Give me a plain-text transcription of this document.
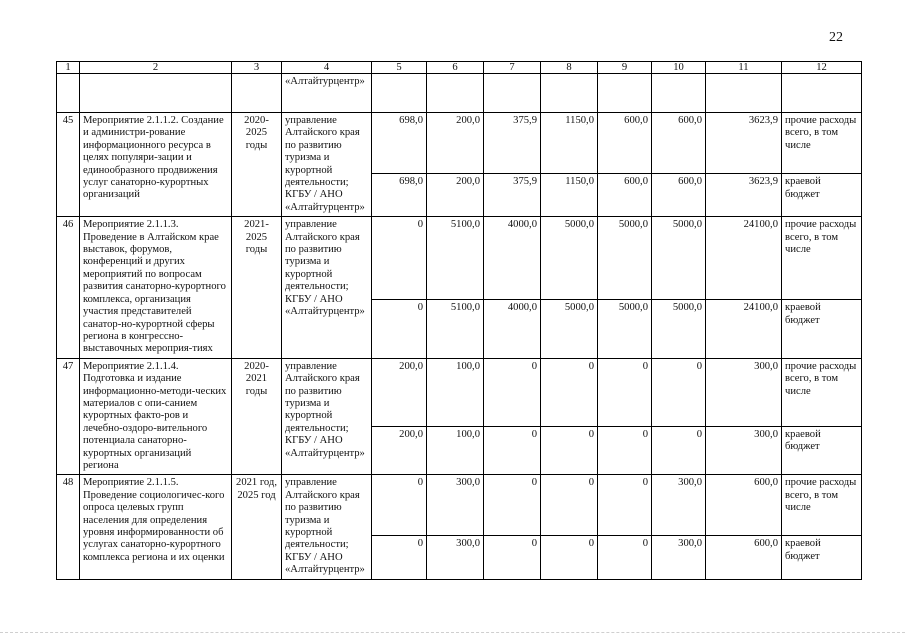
22
1	2	3	4	5	6	7	8	9	10	11	12
			«Алтайтурцентр»								
45	Мероприятие 2.1.1.2. Создание и администри-рование информационного ресурса в целях популяри-зации и единообразного продвижения услуг санаторно-курортных организаций	2020-2025 годы	управление Алтайского края по развитию туризма и курортной деятельности; КГБУ / АНО «Алтайтурцентр»	698,0	200,0	375,9	1150,0	600,0	600,0	3623,9	прочие расходы всего, в том числе
				698,0	200,0	375,9	1150,0	600,0	600,0	3623,9	краевой бюджет
46	Мероприятие 2.1.1.3. Проведение в Алтайском крае выставок, форумов, конференций и других мероприятий по вопросам развития санаторно-курортного комплекса, организация участия представителей санатор-но-курортной сферы региона в конгрессно-выставочных мероприя-тиях	2021-2025 годы	управление Алтайского края по развитию туризма и курортной деятельности; КГБУ / АНО «Алтайтурцентр»	0	5100,0	4000,0	5000,0	5000,0	5000,0	24100,0	прочие расходы всего, в том числе
				0	5100,0	4000,0	5000,0	5000,0	5000,0	24100,0	краевой бюджет
47	Мероприятие 2.1.1.4. Подготовка и издание информационно-методи-ческих материалов с опи-санием курортных факто-ров и лечебно-оздоро-вительного потенциала санаторно-курортных организаций региона	2020-2021 годы	управление Алтайского края по развитию туризма и курортной деятельности; КГБУ / АНО «Алтайтурцентр»	200,0	100,0	0	0	0	0	300,0	прочие расходы всего, в том числе
				200,0	100,0	0	0	0	0	300,0	краевой бюджет
48	Мероприятие 2.1.1.5. Проведение социологичес-кого опроса целевых групп населения для определения уровня информированности об услугах санаторно-курортного комплекса региона и их оценки	2021 год, 2025 год	управление Алтайского края по развитию туризма и курортной деятельности; КГБУ / АНО «Алтайтурцентр»	0	300,0	0	0	0	300,0	600,0	прочие расходы всего, в том числе
				0	300,0	0	0	0	300,0	600,0	краевой бюджет
